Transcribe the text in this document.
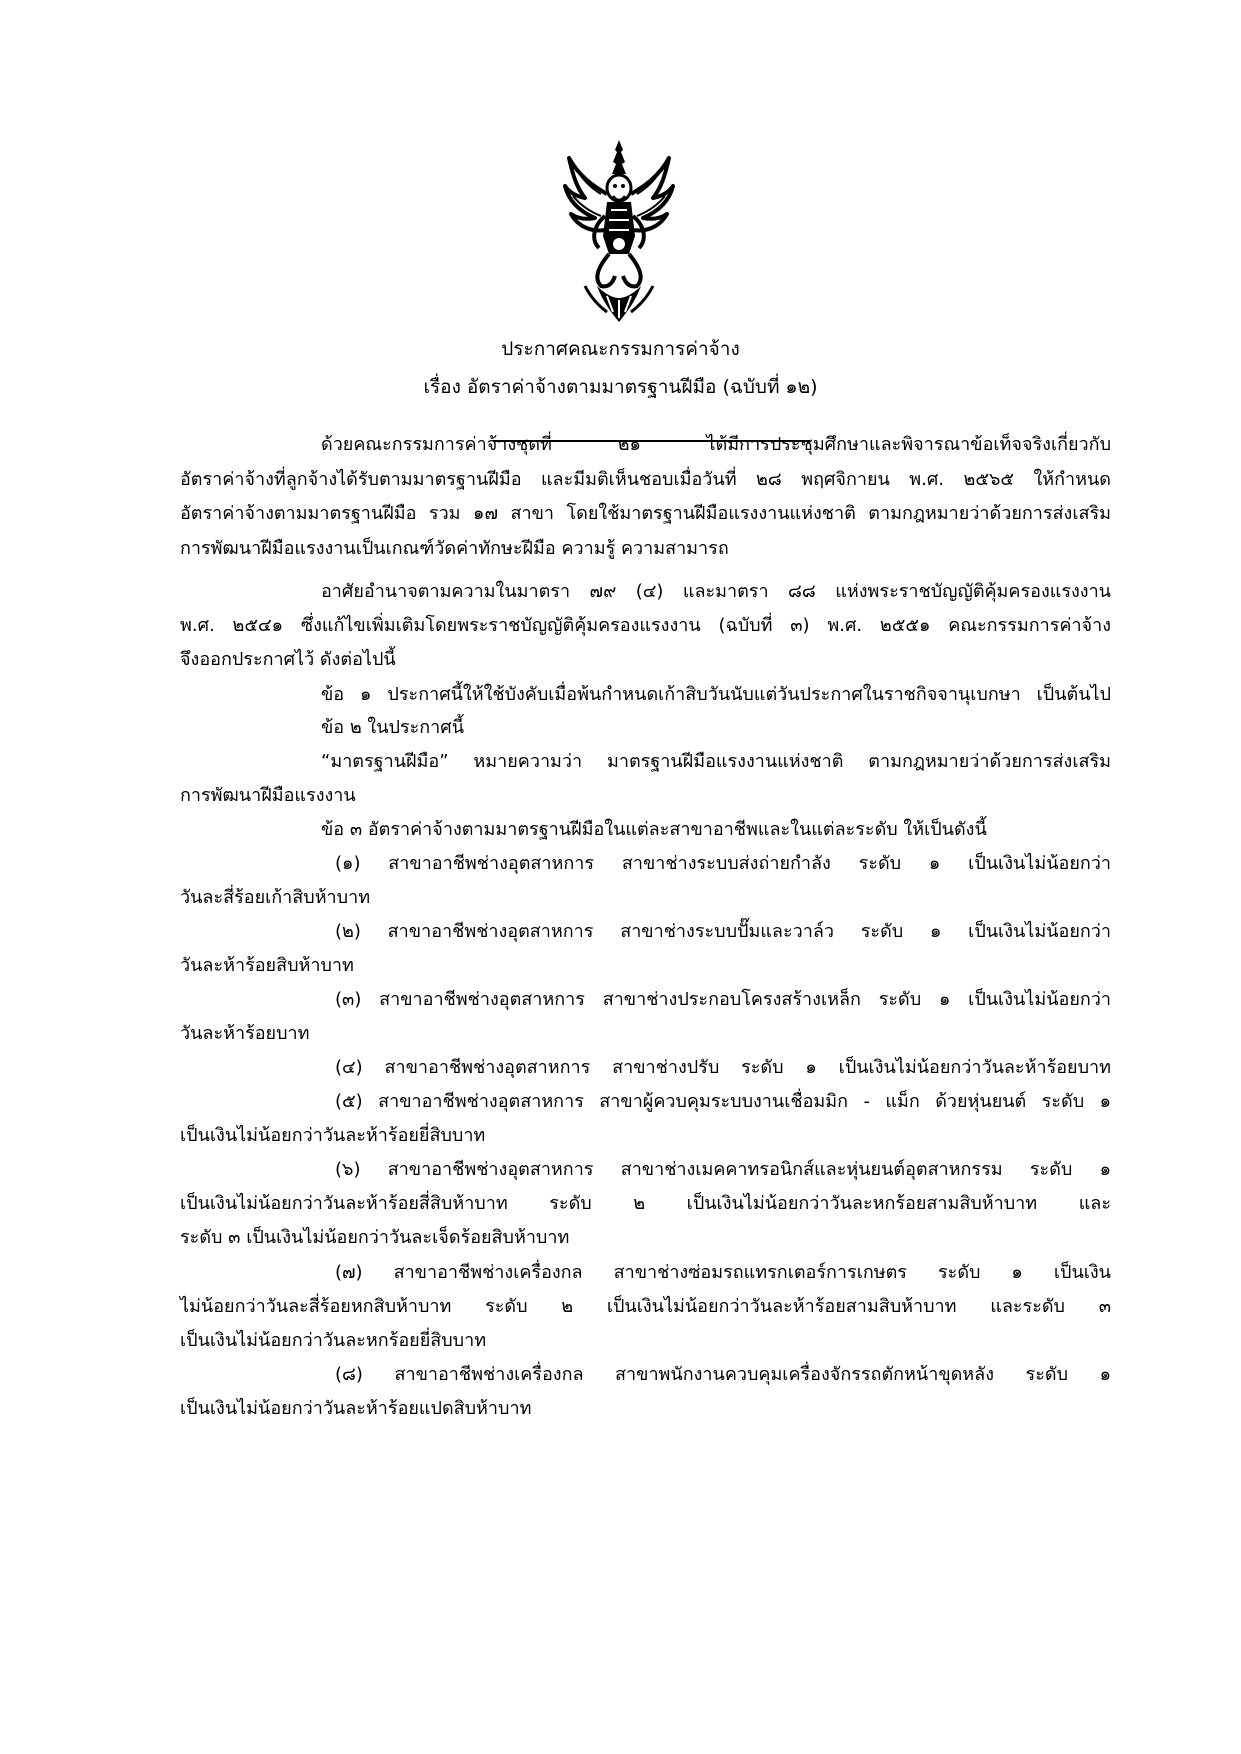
ประกาศคณะกรรมการค่าจ้าง
เรื่อง อัตราค่าจ้างตามมาตรฐานฝีมือ (ฉบับที่ ๑๒)
ด้วยคณะกรรมการค่าจ้างชุดที่ ๒๑ ได้มีการประชุมศึกษาและพิจารณาข้อเท็จจริงเกี่ยวกับ
อัตราค่าจ้างที่ลูกจ้างได้รับตามมาตรฐานฝีมือ และมีมติเห็นชอบเมื่อวันที่ ๒๘ พฤศจิกายน พ.ศ. ๒๕๖๕ ให้กำหนด
อัตราค่าจ้างตามมาตรฐานฝีมือ รวม ๑๗ สาขา โดยใช้มาตรฐานฝีมือแรงงานแห่งชาติ ตามกฎหมายว่าด้วยการส่งเสริม
การพัฒนาฝีมือแรงงานเป็นเกณฑ์วัดค่าทักษะฝีมือ ความรู้ ความสามารถ
อาศัยอำนาจตามความในมาตรา ๗๙ (๔) และมาตรา ๘๘ แห่งพระราชบัญญัติคุ้มครองแรงงาน
พ.ศ. ๒๕๔๑ ซึ่งแก้ไขเพิ่มเติมโดยพระราชบัญญัติคุ้มครองแรงงาน (ฉบับที่ ๓) พ.ศ. ๒๕๕๑ คณะกรรมการค่าจ้าง
จึงออกประกาศไว้ ดังต่อไปนี้
ข้อ ๑ ประกาศนี้ให้ใช้บังคับเมื่อพ้นกำหนดเก้าสิบวันนับแต่วันประกาศในราชกิจจานุเบกษา เป็นต้นไป
ข้อ ๒ ในประกาศนี้
“มาตรฐานฝีมือ” หมายความว่า มาตรฐานฝีมือแรงงานแห่งชาติ ตามกฎหมายว่าด้วยการส่งเสริม
การพัฒนาฝีมือแรงงาน
ข้อ ๓ อัตราค่าจ้างตามมาตรฐานฝีมือในแต่ละสาขาอาชีพและในแต่ละระดับ ให้เป็นดังนี้
(๑) สาขาอาชีพช่างอุตสาหการ สาขาช่างระบบส่งถ่ายกำลัง ระดับ ๑ เป็นเงินไม่น้อยกว่า
วันละสี่ร้อยเก้าสิบห้าบาท
(๒) สาขาอาชีพช่างอุตสาหการ สาขาช่างระบบปั๊มและวาล์ว ระดับ ๑ เป็นเงินไม่น้อยกว่า
วันละห้าร้อยสิบห้าบาท
(๓) สาขาอาชีพช่างอุตสาหการ สาขาช่างประกอบโครงสร้างเหล็ก ระดับ ๑ เป็นเงินไม่น้อยกว่า
วันละห้าร้อยบาท
(๔) สาขาอาชีพช่างอุตสาหการ สาขาช่างปรับ ระดับ ๑ เป็นเงินไม่น้อยกว่าวันละห้าร้อยบาท
(๕) สาขาอาชีพช่างอุตสาหการ สาขาผู้ควบคุมระบบงานเชื่อมมิก - แม็ก ด้วยหุ่นยนต์ ระดับ ๑
เป็นเงินไม่น้อยกว่าวันละห้าร้อยยี่สิบบาท
(๖) สาขาอาชีพช่างอุตสาหการ สาขาช่างเมคคาทรอนิกส์และหุ่นยนต์อุตสาหกรรม ระดับ ๑
เป็นเงินไม่น้อยกว่าวันละห้าร้อยสี่สิบห้าบาท ระดับ ๒ เป็นเงินไม่น้อยกว่าวันละหกร้อยสามสิบห้าบาท และ
ระดับ ๓ เป็นเงินไม่น้อยกว่าวันละเจ็ดร้อยสิบห้าบาท
(๗) สาขาอาชีพช่างเครื่องกล สาขาช่างซ่อมรถแทรกเตอร์การเกษตร ระดับ ๑ เป็นเงิน
ไม่น้อยกว่าวันละสี่ร้อยหกสิบห้าบาท ระดับ ๒ เป็นเงินไม่น้อยกว่าวันละห้าร้อยสามสิบห้าบาท และระดับ ๓
เป็นเงินไม่น้อยกว่าวันละหกร้อยยี่สิบบาท
(๘) สาขาอาชีพช่างเครื่องกล สาขาพนักงานควบคุมเครื่องจักรรถตักหน้าขุดหลัง ระดับ ๑
เป็นเงินไม่น้อยกว่าวันละห้าร้อยแปดสิบห้าบาท
